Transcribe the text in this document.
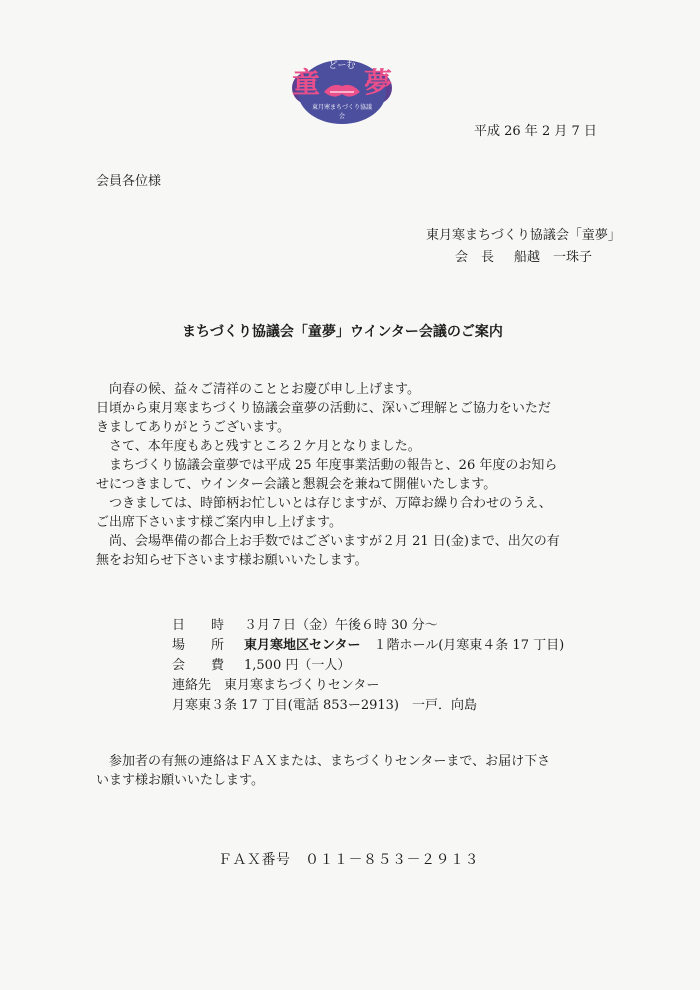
童 夢
どーむ
東月寒まちづくり協議会
平成 26 年 2 月 7 日
会員各位様
東月寒まちづくり協議会「童夢」
会　長 船越　一珠子
まちづくり協議会「童夢」ウインター会議のご案内
　向春の候、益々ご清祥のこととお慶び申し上げます。
日頃から東月寒まちづくり協議会童夢の活動に、深いご理解とご協力をいただ
きましてありがとうございます。
　さて、本年度もあと残すところ２ケ月となりました。
　まちづくり協議会童夢では平成 25 年度事業活動の報告と、26 年度のお知ら
せにつきまして、ウインター会議と懇親会を兼ねて開催いたします。
　つきましては、時節柄お忙しいとは存じますが、万障お繰り合わせのうえ、
ご出席下さいます様ご案内申し上げます。
　尚、会場準備の都合上お手数ではございますが２月 21 日(金)まで、出欠の有
無をお知らせ下さいます様お願いいたします。
日　　時 ３月７日（金）午後６時 30 分～
場　　所 東月寒地区センター　１階ホール(月寒東４条 17 丁目)
会　　費 1,500 円（一人）
連絡先　東月寒まちづくりセンター
月寒東３条 17 丁目(電話 853ー2913)　一戸．向島
　参加者の有無の連絡はＦＡＸまたは、まちづくりセンターまで、お届け下さ
います様お願いいたします。
ＦＡＸ番号　０１１－８５３－２９１３
